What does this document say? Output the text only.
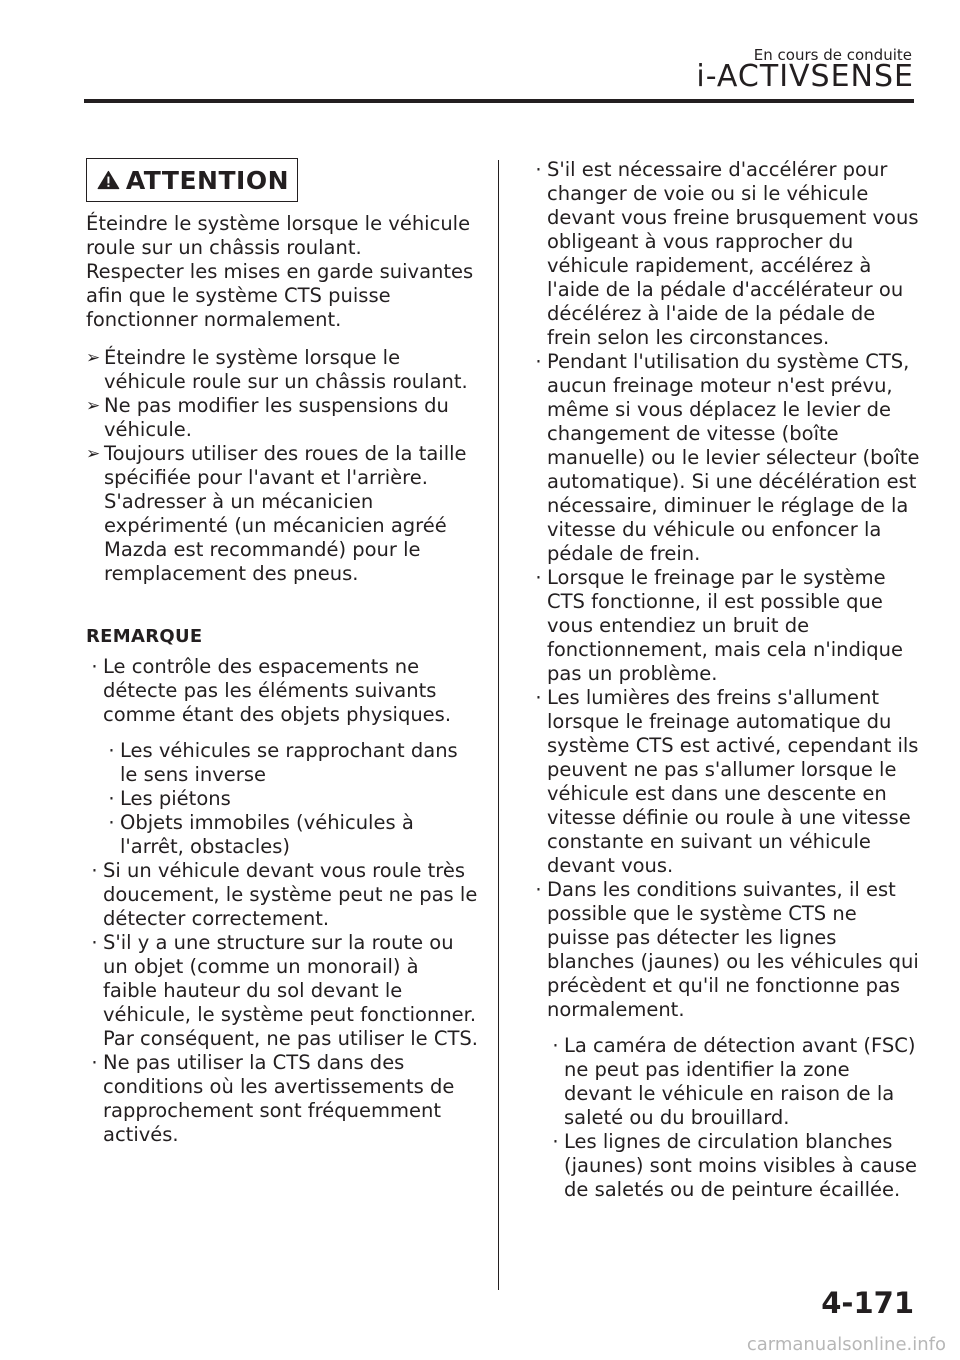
En cours de conduite
i-ACTIVSENSE
ATTENTION

Éteindre le système lorsque le véhicule roule sur un châssis roulant.

Respecter les mises en garde suivantes afin que le système CTS puisse fonctionner normalement.

➢ Éteindre le système lorsque le véhicule roule sur un châssis roulant.
➢ Ne pas modifier les suspensions du véhicule.
➢ Toujours utiliser des roues de la taille spécifiée pour l'avant et l'arrière. S'adresser à un mécanicien expérimenté (un mécanicien agréé Mazda est recommandé) pour le remplacement des pneus.
REMARQUE
· Le contrôle des espacements ne détecte pas les éléments suivants comme étant des objets physiques.
· Les véhicules se rapprochant dans le sens inverse
· Les piétons
· Objets immobiles (véhicules à l'arrêt, obstacles)
· Si un véhicule devant vous roule très doucement, le système peut ne pas le détecter correctement.
· S'il y a une structure sur la route ou un objet (comme un monorail) à faible hauteur du sol devant le véhicule, le système peut fonctionner. Par conséquent, ne pas utiliser le CTS.
· Ne pas utiliser la CTS dans des conditions où les avertissements de rapprochement sont fréquemment activés.
· S'il est nécessaire d'accélérer pour changer de voie ou si le véhicule devant vous freine brusquement vous obligeant à vous rapprocher du véhicule rapidement, accélérez à l'aide de la pédale d'accélérateur ou décélérez à l'aide de la pédale de frein selon les circonstances.
· Pendant l'utilisation du système CTS, aucun freinage moteur n'est prévu, même si vous déplacez le levier de changement de vitesse (boîte manuelle) ou le levier sélecteur (boîte automatique). Si une décélération est nécessaire, diminuer le réglage de la vitesse du véhicule ou enfoncer la pédale de frein.
· Lorsque le freinage par le système CTS fonctionne, il est possible que vous entendiez un bruit de fonctionnement, mais cela n'indique pas un problème.
· Les lumières des freins s'allument lorsque le freinage automatique du système CTS est activé, cependant ils peuvent ne pas s'allumer lorsque le véhicule est dans une descente en vitesse définie ou roule à une vitesse constante en suivant un véhicule devant vous.
· Dans les conditions suivantes, il est possible que le système CTS ne puisse pas détecter les lignes blanches (jaunes) ou les véhicules qui précèdent et qu'il ne fonctionne pas normalement.
· La caméra de détection avant (FSC) ne peut pas identifier la zone devant le véhicule en raison de la saleté ou du brouillard.
· Les lignes de circulation blanches (jaunes) sont moins visibles à cause de saletés ou de peinture écaillée.
4-171
carmanualsonline.info
